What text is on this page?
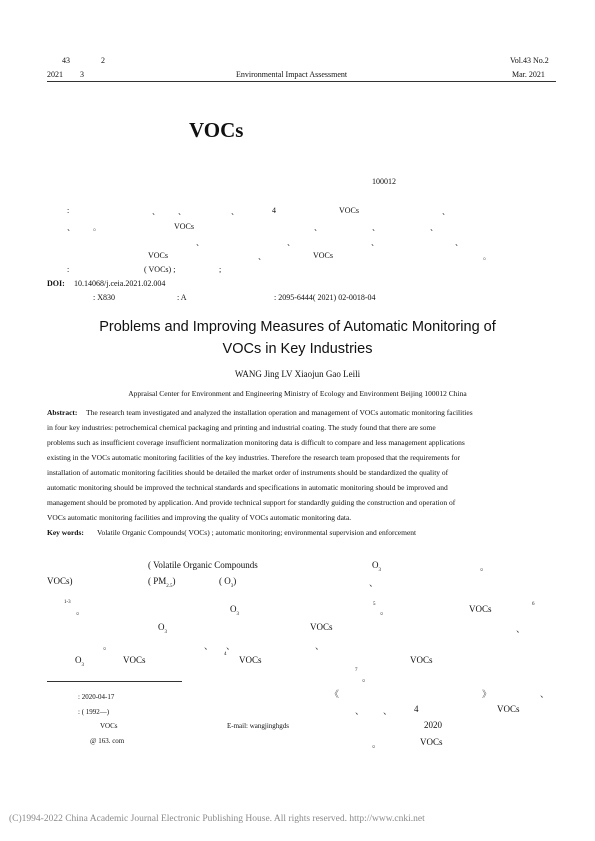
43	2	Vol.43 No.2
2021 3	Environmental Impact Assessment	Mar. 2021
VOCs
100012
:	、 、	、	4	VOCs	、
、 。	VOCs	、	、	、
、	、	、	、
VOCs	、	VOCs	。
:	( VOCs) ;	;
DOI: 10.14068/j.ceia.2021.02.004
: X830	: A	: 2095-6444( 2021) 02-0018-04
Problems and Improving Measures of Automatic Monitoring of
VOCs in Key Industries
WANG Jing LV Xiaojun Gao Leili
Appraisal Center for Environment and Engineering Ministry of Ecology and Environment Beijing 100012 China
Abstract: The research team investigated and analyzed the installation operation and management of VOCs automatic monitoring facilities
in four key industries: petrochemical chemical packaging and printing and industrial coating. The study found that there are some
problems such as insufficient coverage insufficient normalization monitoring data is difficult to compare and less management applications
existing in the VOCs automatic monitoring facilities of the key industries. Therefore the research team proposed that the requirements for
installation of automatic monitoring facilities should be detailed the market order of instruments should be standardized the quality of
automatic monitoring should be improved the technical standards and specifications in automatic monitoring should be improved and
management should be promoted by application. And provide technical support for standardly guiding the construction and operation of
VOCs automatic monitoring facilities and improving the quality of VOCs automatic monitoring data.
Key words: Volatile Organic Compounds( VOCs) ; automatic monitoring; environmental supervision and enforcement
( Volatile Organic Compounds	$O_3$	。
VOCs)	( $PM_{2.5}$)	( $O_3$)	、
1-3
。	$O_3$
5
。	VOCs	6
$O_3$
VOCs	、
。	、 、	、
$O_3$
VOCs
4
VOCs	VOCs
7
。
《	》	、
、 、 4	VOCs
2020
。	VOCs
: 2020-04-17
: ( 1992—)
VOCs	E-mail: wangjinghgds
@ 163. com
(C)1994-2022 China Academic Journal Electronic Publishing House. All rights reserved. http://www.cnki.net
